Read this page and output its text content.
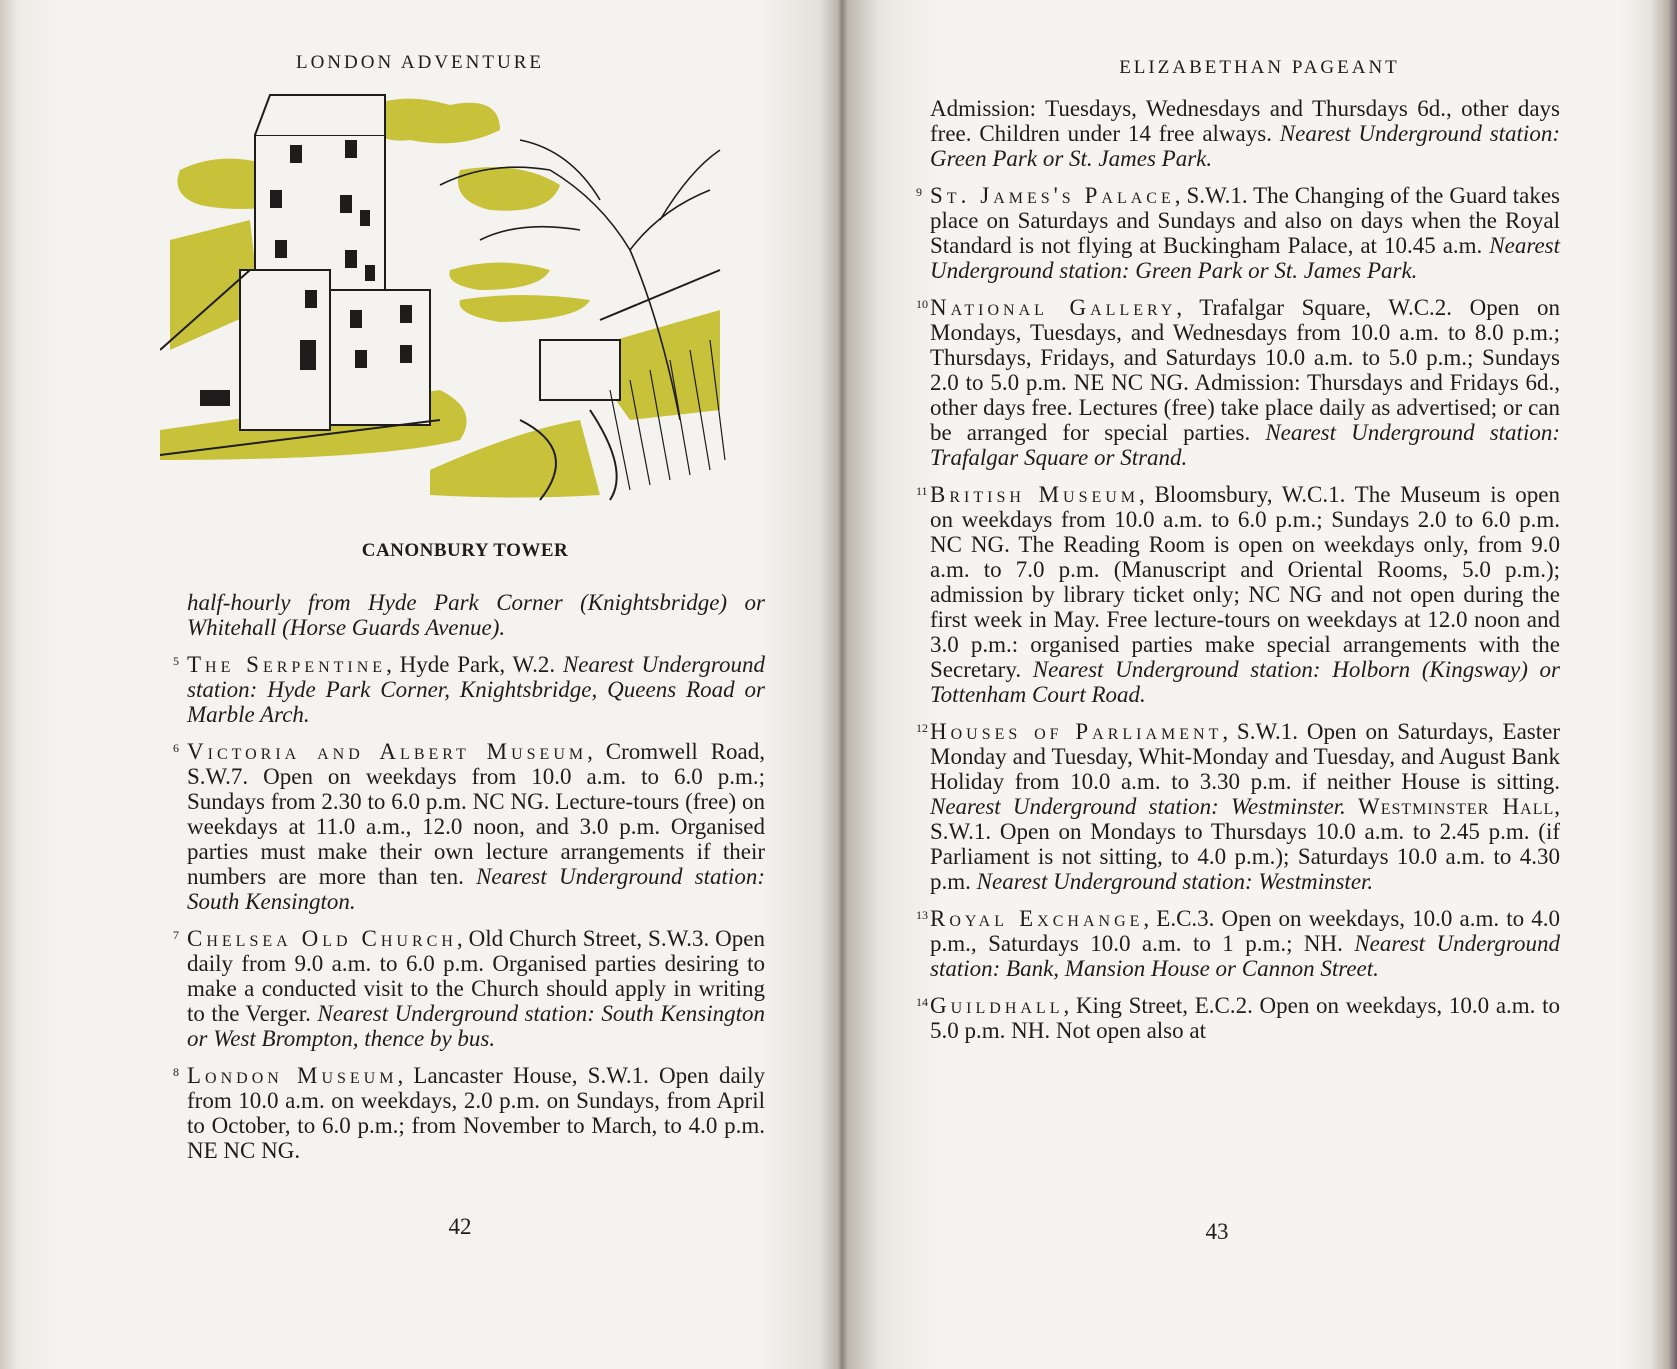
LONDON ADVENTURE
CANONBURY TOWER

half-hourly from Hyde Park Corner (Knightsbridge) or Whitehall (Horse Guards Avenue).

5 The Serpentine, Hyde Park, W.2. Nearest Underground station: Hyde Park Corner, Knightsbridge, Queens Road or Marble Arch.

6 Victoria and Albert Museum, Cromwell Road, S.W.7. Open on weekdays from 10.0 a.m. to 6.0 p.m.; Sundays from 2.30 to 6.0 p.m. NC NG. Lecture-tours (free) on weekdays at 11.0 a.m., 12.0 noon, and 3.0 p.m. Organised parties must make their own lecture arrangements if their numbers are more than ten. Nearest Underground station: South Kensington.

7 Chelsea Old Church, Old Church Street, S.W.3. Open daily from 9.0 a.m. to 6.0 p.m. Organised parties desiring to make a conducted visit to the Church should apply in writing to the Verger. Nearest Underground station: South Kensington or West Brompton, thence by bus.

8 London Museum, Lancaster House, S.W.1. Open daily from 10.0 a.m. on weekdays, 2.0 p.m. on Sundays, from April to October, to 6.0 p.m.; from November to March, to 4.0 p.m. NE NC NG.

42
ELIZABETHAN PAGEANT

Admission: Tuesdays, Wednesdays and Thursdays 6d., other days free. Children under 14 free always. Nearest Underground station: Green Park or St. James Park.

9 St. James's Palace, S.W.1. The Changing of the Guard takes place on Saturdays and Sundays and also on days when the Royal Standard is not flying at Buckingham Palace, at 10.45 a.m. Nearest Underground station: Green Park or St. James Park.

10 National Gallery, Trafalgar Square, W.C.2. Open on Mondays, Tuesdays, and Wednesdays from 10.0 a.m. to 8.0 p.m.; Thursdays, Fridays, and Saturdays 10.0 a.m. to 5.0 p.m.; Sundays 2.0 to 5.0 p.m. NE NC NG. Admission: Thursdays and Fridays 6d., other days free. Lectures (free) take place daily as advertised; or can be arranged for special parties. Nearest Underground station: Trafalgar Square or Strand.

11 British Museum, Bloomsbury, W.C.1. The Museum is open on weekdays from 10.0 a.m. to 6.0 p.m.; Sundays 2.0 to 6.0 p.m. NC NG. The Reading Room is open on weekdays only, from 9.0 a.m. to 7.0 p.m. (Manuscript and Oriental Rooms, 5.0 p.m.); admission by library ticket only; NC NG and not open during the first week in May. Free lecture-tours on weekdays at 12.0 noon and 3.0 p.m.: organised parties make special arrangements with the Secretary. Nearest Underground station: Holborn (Kingsway) or Tottenham Court Road.

12 Houses of Parliament, S.W.1. Open on Saturdays, Easter Monday and Tuesday, Whit-Monday and Tuesday, and August Bank Holiday from 10.0 a.m. to 3.30 p.m. if neither House is sitting. Nearest Underground station: Westminster. Westminster Hall, S.W.1. Open on Mondays to Thursdays 10.0 a.m. to 2.45 p.m. (if Parliament is not sitting, to 4.0 p.m.); Saturdays 10.0 a.m. to 4.30 p.m. Nearest Underground station: Westminster.

13 Royal Exchange, E.C.3. Open on weekdays, 10.0 a.m. to 4.0 p.m., Saturdays 10.0 a.m. to 1 p.m.; NH. Nearest Underground station: Bank, Mansion House or Cannon Street.

14 Guildhall, King Street, E.C.2. Open on weekdays, 10.0 a.m. to 5.0 p.m. NH. Not open also at

43
